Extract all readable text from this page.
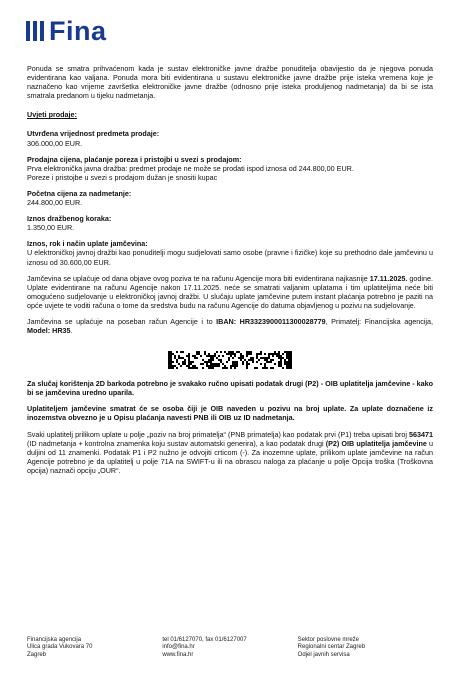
Fina

Ponuda se smatra prihvaćenom kada je sustav elektroničke javne dražbe ponuditelja obavijestio da je njegova ponuda evidentirana kao valjana. Ponuda mora biti evidentirana u sustavu elektroničke javne dražbe prije isteka vremena koje je naznačeno kao vrijeme završetka elektroničke javne dražbe (odnosno prije isteka produljenog nadmetanja) da bi se ista smatrala predanom u tijeku nadmetanja.

Uvjeti prodaje:

Utvrđena vrijednost predmeta prodaje:

306.000,00 EUR.

Prodajna cijena, plaćanje poreza i pristojbi u svezi s prodajom:

Prva elektronička javna dražba: predmet prodaje ne može se prodati ispod iznosa od 244.800,00 EUR.

Poreze i pristojbe u svezi s prodajom dužan je snositi kupac

Početna cijena za nadmetanje:

244.800,00 EUR.

Iznos dražbenog koraka:

1.350,00 EUR.

Iznos, rok i način uplate jamčevina:

U elektroničkoj javnoj dražbi kao ponuditelji mogu sudjelovati samo osobe (pravne i fizičke) koje su prethodno dale jamčevinu u iznosu od 30.600,00 EUR.

Jamčevina se uplaćuje od dana objave ovog poziva te na računu Agencije mora biti evidentirana najkasnije 17.11.2025. godine. Uplate evidentirane na računu Agencije nakon 17.11.2025. neće se smatrati valjanim uplatama i tim uplatiteljima neće biti omogućeno sudjelovanje u elektroničkoj javnoj dražbi. U slučaju uplate jamčevine putem instant plaćanja potrebno je paziti na opće uvjete te voditi računa o tome da sredstva budu na računu Agencije do datuma objavljenog u pozivu na sudjelovanje.

Jamčevina se uplaćuje na poseban račun Agencije i to IBAN: HR3323900011300028779, Primatelj: Financijska agencija, Model: HR35.

Za slučaj korištenja 2D barkoda potrebno je svakako ručno upisati podatak drugi (P2) - OIB uplatitelja jamčevine - kako bi se jamčevina uredno uparila.

Uplatiteljem jamčevine smatrat će se osoba čiji je OIB naveden u pozivu na broj uplate. Za uplate doznačene iz inozemstva obvezno je u Opisu plaćanja navesti PNB ili OIB uz ID nadmetanja.

Svaki uplatitelj prilikom uplate u polje „poziv na broj primatelja“ (PNB primatelja) kao podatak prvi (P1) treba upisati broj 563471 (ID nadmetanja + kontrolna znamenka koju sustav automatski generira), a kao podatak drugi (P2) OIB uplatitelja jamčevine u duljini od 11 znamenki. Podatak P1 i P2 nužno je odvojiti crticom (-). Za inozemne uplate, prilikom uplate jamčevine na račun Agencije potrebno je da uplatitelj u polje 71A na SWIFT-u ili na obrascu naloga za plaćanje u polje Opcija troška (Troškovna opcija) naznači opciju „OUR“.

Financijska agencija
Ulica grada Vukovara 70
Zagreb
tel 01/6127070, fax 01/6127007
info@fina.hr
www.fina.hr
Sektor poslovne mreže
Regionalni centar Zagreb
Odjel javnih servisa
